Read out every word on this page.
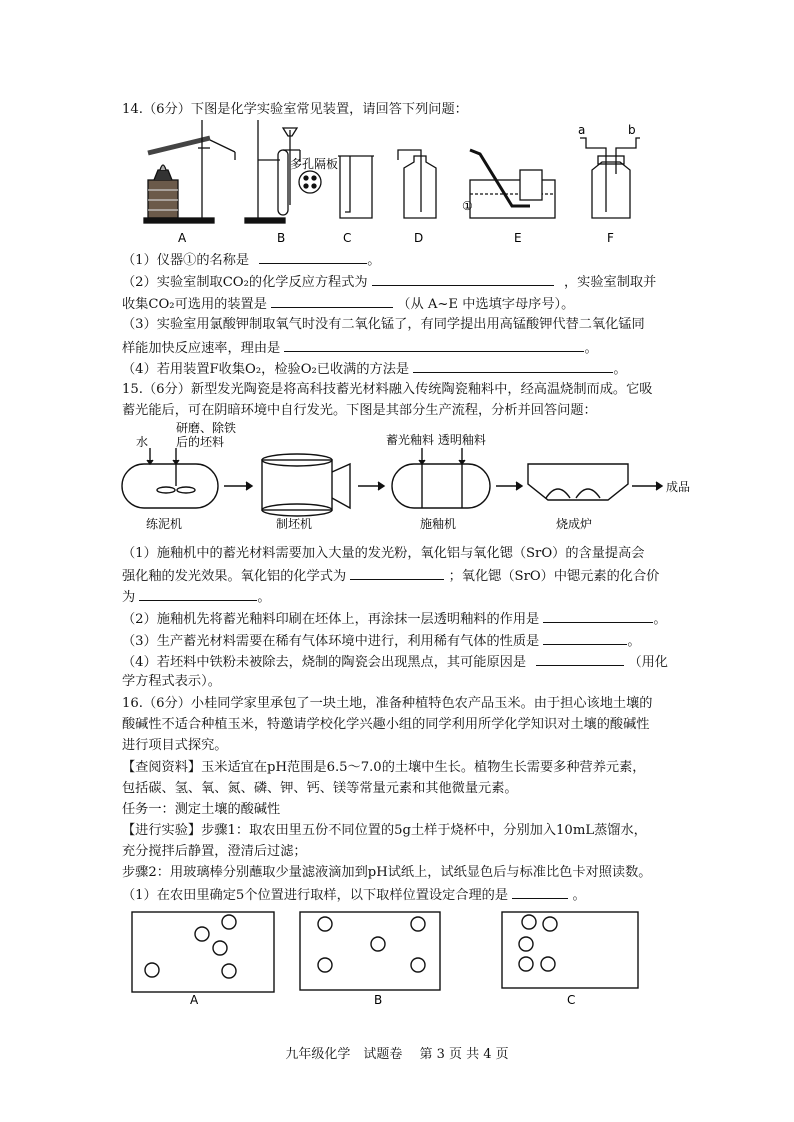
14.（6分）下图是化学实验室常见装置，请回答下列问题：
多孔隔板
①
a	b
A	B	C	D	E	F
（1）仪器①的名称是	。
（2）实验室制取CO₂的化学反应方程式为	，实验室制取并
收集CO₂可选用的装置是	（从 A~E 中选填字母序号）。
（3）实验室用氯酸钾制取氧气时没有二氧化锰了，有同学提出用高锰酸钾代替二氧化锰同
样能加快反应速率，理由是	。
（4）若用装置F收集O₂，检验O₂已收满的方法是	。
15.（6分）新型发光陶瓷是将高科技蓄光材料融入传统陶瓷釉料中，经高温烧制而成。它吸
蓄光能后，可在阴暗环境中自行发光。下图是其部分生产流程，分析并回答问题：
水
研磨、除铁
后的坯料	蓄光釉料 透明釉料
练泥机	制坯机	施釉机	烧成炉
成品
（1）施釉机中的蓄光材料需要加入大量的发光粉，氧化铝与氧化锶（SrO）的含量提高会
强化釉的发光效果。氧化铝的化学式为	；氧化锶（SrO）中锶元素的化合价
为	。
（2）施釉机先将蓄光釉料印刷在坯体上，再涂抹一层透明釉料的作用是	。
（3）生产蓄光材料需要在稀有气体环境中进行，利用稀有气体的性质是	。
（4）若坯料中铁粉未被除去，烧制的陶瓷会出现黑点，其可能原因是	（用化
学方程式表示）。
16.（6分）小桂同学家里承包了一块土地，准备种植特色农产品玉米。由于担心该地土壤的
酸碱性不适合种植玉米，特邀请学校化学兴趣小组的同学利用所学化学知识对土壤的酸碱性
进行项目式探究。
【查阅资料】玉米适宜在pH范围是6.5～7.0的土壤中生长。植物生长需要多种营养元素，
包括碳、氢、氧、氮、磷、钾、钙、镁等常量元素和其他微量元素。
任务一：测定土壤的酸碱性
【进行实验】步骤1：取农田里五份不同位置的5g土样于烧杯中，分别加入10mL蒸馏水，
充分搅拌后静置，澄清后过滤；
步骤2：用玻璃棒分别蘸取少量滤液滴加到pH试纸上，试纸显色后与标准比色卡对照读数。
（1）在农田里确定5个位置进行取样，以下取样位置设定合理的是	。
A	B	C
九年级化学　试题卷　 第 3 页 共 4 页
